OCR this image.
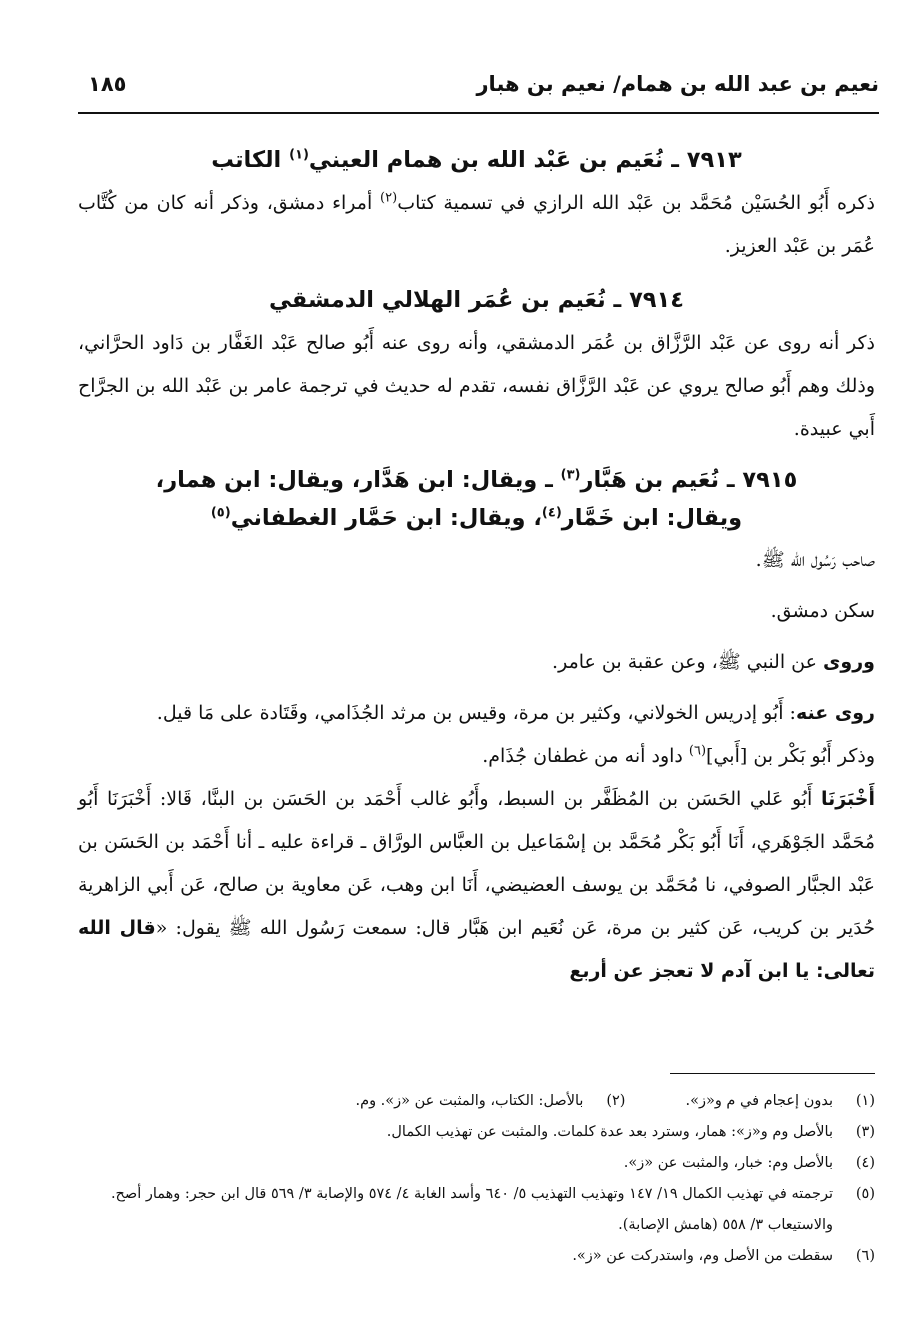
نعيم بن عبد الله بن همام/ نعيم بن هبار
١٨٥
٧٩١٣ ـ نُعَيم بن عَبْد الله بن همام العيني$^{(١)}$ الكاتب

ذكره أَبُو الحُسَيْن مُحَمَّد بن عَبْد الله الرازي في تسمية كتاب$^{(٢)}$ أمراء دمشق، وذكر أنه كان من كُتَّاب عُمَر بن عَبْد العزيز.

٧٩١٤ ـ نُعَيم بن عُمَر الهلالي الدمشقي

ذكر أنه روى عن عَبْد الرَّزَّاق بن عُمَر الدمشقي، وأنه روى عنه أَبُو صالح عَبْد الغَفَّار بن دَاود الحرَّاني، وذلك وهم أَبُو صالح يروي عن عَبْد الرَّزَّاق نفسه، تقدم له حديث في ترجمة عامر بن عَبْد الله بن الجرَّاح أَبي عبيدة.

٧٩١٥ ـ نُعَيم بن هَبَّار$^{(٣)}$ ـ ويقال: ابن هَدَّار، ويقال: ابن همار،
ويقال: ابن خَمَّار$^{(٤)}$، ويقال: ابن حَمَّار الغطفاني$^{(٥)}$

صاحب رَسُول الله ﷺ.

سكن دمشق.

وروى عن النبي ﷺ، وعن عقبة بن عامر.

روى عنه: أَبُو إدريس الخولاني، وكثير بن مرة، وقيس بن مرثد الجُذَامي، وقَتَادة على مَا قيل.

وذكر أَبُو بَكْر بن [أَبي]$^{(٦)}$ داود أنه من غطفان جُذَام.

أَخْبَرَنَا أَبُو عَلي الحَسَن بن المُظَفَّر بن السبط، وأَبُو غالب أَحْمَد بن الحَسَن بن البنَّا، قَالا: أَخْبَرَنَا أَبُو مُحَمَّد الجَوْهَري، أَنَا أَبُو بَكْر مُحَمَّد بن إسْمَاعيل بن العبَّاس الورَّاق ـ قراءة عليه ـ أنا أَحْمَد بن الحَسَن بن عَبْد الجبَّار الصوفي، نا مُحَمَّد بن يوسف العضيضي، أَنَا ابن وهب، عَن معاوية بن صالح، عَن أَبي الزاهرية حُدَير بن كريب، عَن كثير بن مرة، عَن نُعَيم ابن هَبَّار قال: سمعت رَسُول الله ﷺ يقول: «قال الله تعالى: يا ابن آدم لا تعجز عن أربع

(١)
بدون إعجام في م و«ز».
(٢)
بالأصل: الكتاب، والمثبت عن «ز». وم.
(٣)
بالأصل وم و«ز»: همار، وسترد بعد عدة كلمات. والمثبت عن تهذيب الكمال.
(٤)
بالأصل وم: خبار، والمثبت عن «ز».
(٥)
ترجمته في تهذيب الكمال ١٩/ ١٤٧ وتهذيب التهذيب ٥/ ٦٤٠ وأسد الغابة ٤/ ٥٧٤ والإصابة ٣/ ٥٦٩ قال ابن حجر: وهمار أصح. والاستيعاب ٣/ ٥٥٨ (هامش الإصابة).
(٦)
سقطت من الأصل وم، واستدركت عن «ز».
